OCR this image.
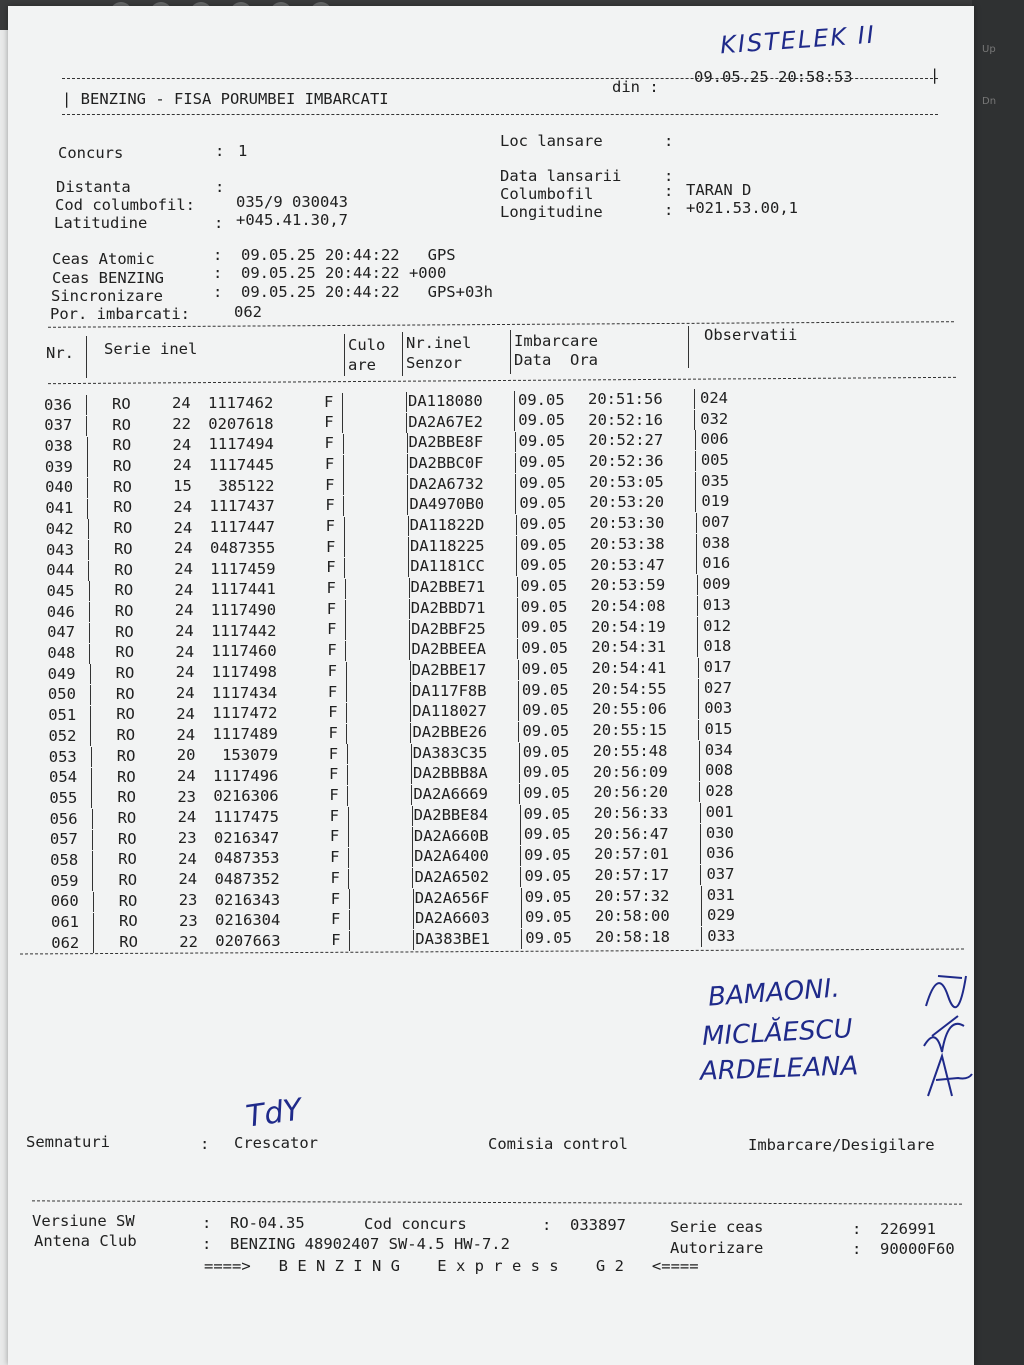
Up
Dn
KISTELEK II
| BENZING - FISA PORUMBEI IMBARCATI
din :
09.05.25 20:58:53	|
Concurs	: 1
Loc lansare	:
Distanta	:
Data lansarii	:
Cod columbofil:	035/9 030043	Columbofil	: TARAN D
Latitudine	: +045.41.30,7	Longitudine	: +021.53.00,1
Ceas Atomic	:  09.05.25 20:44:22   GPS
Ceas BENZING	:  09.05.25 20:44:22 +000
Sincronizare	:  09.05.25 20:44:22   GPS+03h
Por. imbarcati:	062
Nr. Serie inel	Culo
are
Nr.inel
Senzor
Imbarcare
Data  Ora
Observatii
036	RO	24 1117462	F	DA118080 09.05 20:51:56 024
037	RO	22 0207618	F	DA2A67E2 09.05 20:52:16 032
038	RO	24 1117494	F	DA2BBE8F 09.05 20:52:27 006
039	RO	24 1117445	F	DA2BBC0F 09.05 20:52:36 005
040	RO	15 385122	F	DA2A6732 09.05 20:53:05 035
041	RO	24 1117437	F	DA4970B0 09.05 20:53:20 019
042	RO	24 1117447	F	DA11822D 09.05 20:53:30 007
043	RO	24 0487355	F	DA118225 09.05 20:53:38 038
044	RO	24 1117459	F	DA1181CC 09.05 20:53:47 016
045	RO	24 1117441	F	DA2BBE71 09.05 20:53:59 009
046	RO	24 1117490	F	DA2BBD71 09.05 20:54:08 013
047	RO	24 1117442	F	DA2BBF25 09.05 20:54:19 012
048	RO	24 1117460	F	DA2BBEEA 09.05 20:54:31 018
049	RO	24 1117498	F	DA2BBE17 09.05 20:54:41 017
050	RO	24 1117434	F	DA117F8B 09.05 20:54:55 027
051	RO	24 1117472	F	DA118027 09.05 20:55:06 003
052	RO	24 1117489	F	DA2BBE26 09.05 20:55:15 015
053	RO	20 153079	F	DA383C35 09.05 20:55:48 034
054	RO	24 1117496	F	DA2BBB8A 09.05 20:56:09 008
055	RO	23 0216306	F	DA2A6669 09.05 20:56:20 028
056	RO	24 1117475	F	DA2BBE84 09.05 20:56:33 001
057	RO	23 0216347	F	DA2A660B 09.05 20:56:47 030
058	RO	24 0487353	F	DA2A6400 09.05 20:57:01 036
059	RO	24 0487352	F	DA2A6502 09.05 20:57:17 037
060	RO	23 0216343	F	DA2A656F 09.05 20:57:32 031
061	RO	23 0216304	F	DA2A6603 09.05 20:58:00 029
062	RO	22 0207663	F	DA383BE1 09.05 20:58:18 033
BAMAONI.
MICLĂESCU
ARDELEANA
Semnaturi	: Crescator
TdY
Comisia control	Imbarcare/Desigilare
Versiune SW	:  RO-04.35	Cod concurs	:  033897	Serie ceas	:  226991
Antena Club	:  BENZING 48902407 SW-4.5 HW-7.2	Autorizare	:  90000F60
====>   B E N Z I N G    E x p r e s s    G 2   <====
